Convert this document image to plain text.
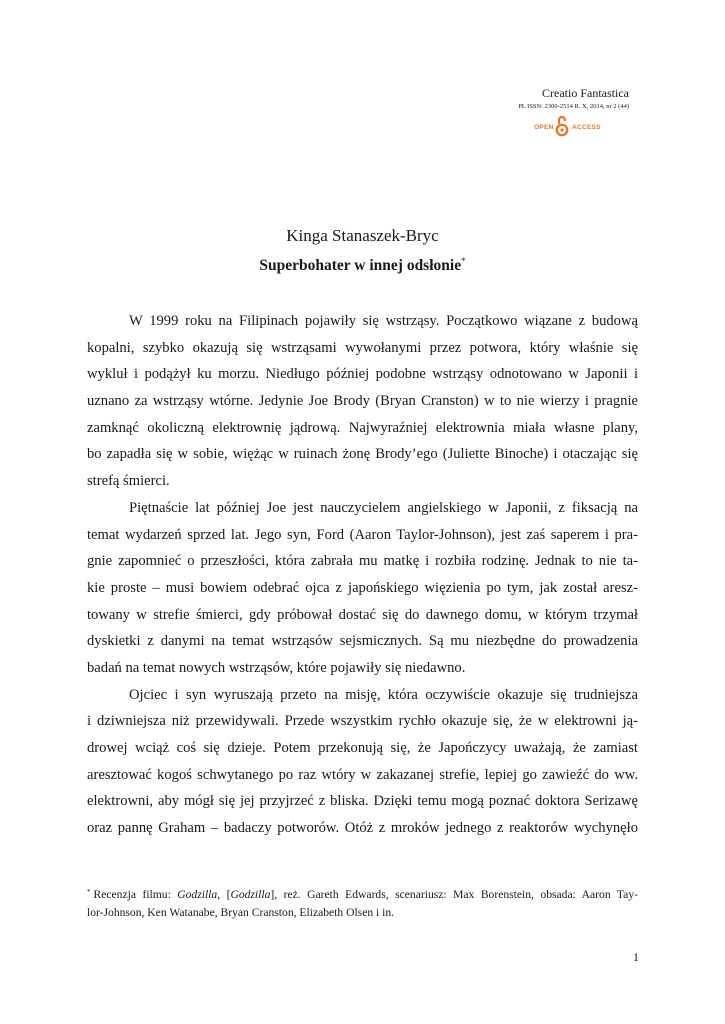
Creatio Fantastica
PL ISSN: 2300-2514 R. X, 2014, nr 2 (44)
OPEN	ACCESS
Kinga Stanaszek-Bryc
Superbohater w innej odsłonie*
W 1999 roku na Filipinach pojawiły się wstrząsy. Początkowo wiązane z budową
kopalni, szybko okazują się wstrząsami wywołanymi przez potwora, który właśnie się
wykluł i podążył ku morzu. Niedługo później podobne wstrząsy odnotowano w Japonii i
uznano za wstrząsy wtórne. Jedynie Joe Brody (Bryan Cranston) w to nie wierzy i pragnie
zamknąć okoliczną elektrownię jądrową. Najwyraźniej elektrownia miała własne plany,
bo zapadła się w sobie, więżąc w ruinach żonę Brody’ego (Juliette Binoche) i otaczając się
strefą śmierci.
Piętnaście lat później Joe jest nauczycielem angielskiego w Japonii, z fiksacją na
temat wydarzeń sprzed lat. Jego syn, Ford (Aaron Taylor-Johnson), jest zaś saperem i pra-
gnie zapomnieć o przeszłości, która zabrała mu matkę i rozbiła rodzinę. Jednak to nie ta-
kie proste – musi bowiem odebrać ojca z japońskiego więzienia po tym, jak został aresz-
towany w strefie śmierci, gdy próbował dostać się do dawnego domu, w którym trzymał
dyskietki z danymi na temat wstrząsów sejsmicznych. Są mu niezbędne do prowadzenia
badań na temat nowych wstrząsów, które pojawiły się niedawno.
Ojciec i syn wyruszają przeto na misję, która oczywiście okazuje się trudniejsza
i dziwniejsza niż przewidywali. Przede wszystkim rychło okazuje się, że w elektrowni ją-
drowej wciąż coś się dzieje. Potem przekonują się, że Japończycy uważają, że zamiast
aresztować kogoś schwytanego po raz wtóry w zakazanej strefie, lepiej go zawieźć do ww.
elektrowni, aby mógł się jej przyjrzeć z bliska. Dzięki temu mogą poznać doktora Serizawę
oraz pannę Graham – badaczy potworów. Otóż z mroków jednego z reaktorów wychynęło
* Recenzja filmu: Godzilla, [Godzilla], reż. Gareth Edwards, scenariusz: Max Borenstein, obsada: Aaron Tay-
lor-Johnson, Ken Watanabe, Bryan Cranston, Elizabeth Olsen i in.
1
